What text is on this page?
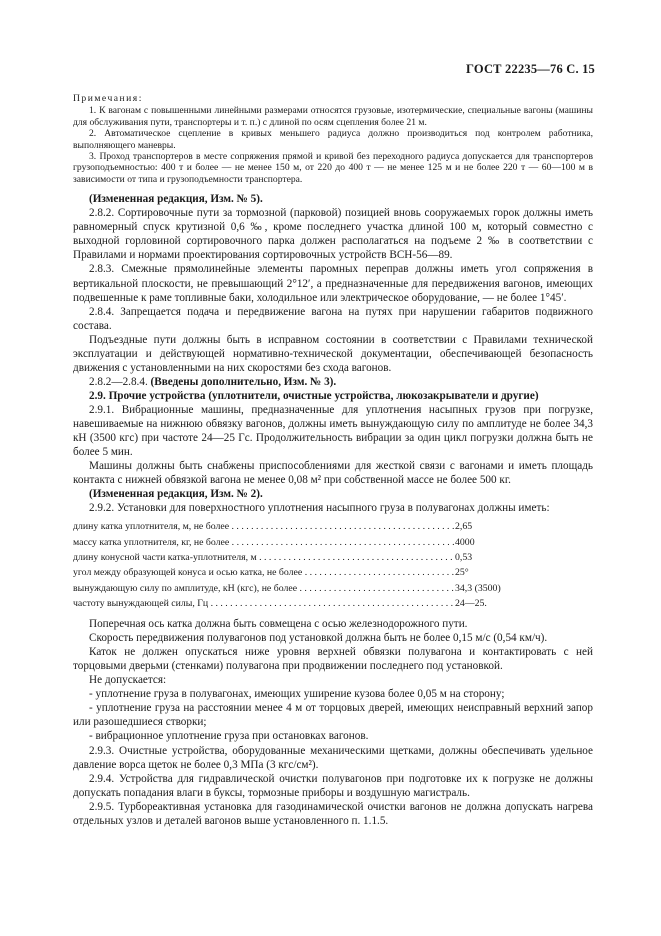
ГОСТ 22235—76 С. 15
Примечания:

1. К вагонам с повышенными линейными размерами относятся грузовые, изотермические, специальные вагоны (машины для обслуживания пути, транспортеры и т. п.) с длиной по осям сцепления более 21 м.

2. Автоматическое сцепление в кривых меньшего радиуса должно производиться под контролем работника, выполняющего маневры.

3. Проход транспортеров в месте сопряжения прямой и кривой без переходного радиуса допускается для транспортеров грузоподъемностью: 400 т и более — не менее 150 м, от 220 до 400 т — не менее 125 м и не более 220 т — 60—100 м в зависимости от типа и грузоподъемности транспортера.

(Измененная редакция, Изм. № 5).

2.8.2. Сортировочные пути за тормозной (парковой) позицией вновь сооружаемых горок должны иметь равномерный спуск крутизной 0,6 ‰, кроме последнего участка длиной 100 м, который совместно с выходной горловиной сортировочного парка должен располагаться на подъеме 2 ‰ в соответствии с Правилами и нормами проектирования сортировочных устройств ВСН-56—89.

2.8.3. Смежные прямолинейные элементы паромных переправ должны иметь угол сопряжения в вертикальной плоскости, не превышающий 2°12′, а предназначенные для передвижения вагонов, имеющих подвешенные к раме топливные баки, холодильное или электрическое оборудование, — не более 1°45′.

2.8.4. Запрещается подача и передвижение вагона на путях при нарушении габаритов подвижного состава.

Подъездные пути должны быть в исправном состоянии в соответствии с Правилами технической эксплуатации и действующей нормативно-технической документации, обеспечивающей безопасность движения с установленными на них скоростями без схода вагонов.

2.8.2—2.8.4. (Введены дополнительно, Изм. № 3).

2.9. Прочие устройства (уплотнители, очистные устройства, люкозакрыватели и другие)

2.9.1. Вибрационные машины, предназначенные для уплотнения насыпных грузов при погрузке, навешиваемые на нижнюю обвязку вагонов, должны иметь вынуждающую силу по амплитуде не более 34,3 кН (3500 кгс) при частоте 24—25 Гс. Продолжительность вибрации за один цикл погрузки должна быть не более 5 мин.

Машины должны быть снабжены приспособлениями для жесткой связи с вагонами и иметь площадь контакта с нижней обвязкой вагона не менее 0,08 м² при собственной массе не более 500 кг.

(Измененная редакция, Изм. № 2).

2.9.2. Установки для поверхностного уплотнения насыпного груза в полувагонах должны иметь:

длину катка уплотнителя, м, не более . . .	2,65
массу катка уплотнителя, кг, не более . . .	4000
длину конусной части катка-уплотнителя, м . . .	0,53
угол между образующей конуса и осью катка, не более . . .	25°
вынуждающую силу по амплитуде, кН (кгс), не более . . .	34,3 (3500)
частоту вынуждающей силы, Гц . . .	24—25.

Поперечная ось катка должна быть совмещена с осью железнодорожного пути.

Скорость передвижения полувагонов под установкой должна быть не более 0,15 м/с (0,54 км/ч).

Каток не должен опускаться ниже уровня верхней обвязки полувагона и контактировать с ней торцовыми дверьми (стенками) полувагона при продвижении последнего под установкой.

Не допускается:

- уплотнение груза в полувагонах, имеющих уширение кузова более 0,05 м на сторону;

- уплотнение груза на расстоянии менее 4 м от торцовых дверей, имеющих неисправный верхний запор или разошедшиеся створки;

- вибрационное уплотнение груза при остановках вагонов.

2.9.3. Очистные устройства, оборудованные механическими щетками, должны обеспечивать удельное давление ворса щеток не более 0,3 МПа (3 кгс/см²).

2.9.4. Устройства для гидравлической очистки полувагонов при подготовке их к погрузке не должны допускать попадания влаги в буксы, тормозные приборы и воздушную магистраль.

2.9.5. Турбореактивная установка для газодинамической очистки вагонов не должна допускать нагрева отдельных узлов и деталей вагонов выше установленного п. 1.1.5.
